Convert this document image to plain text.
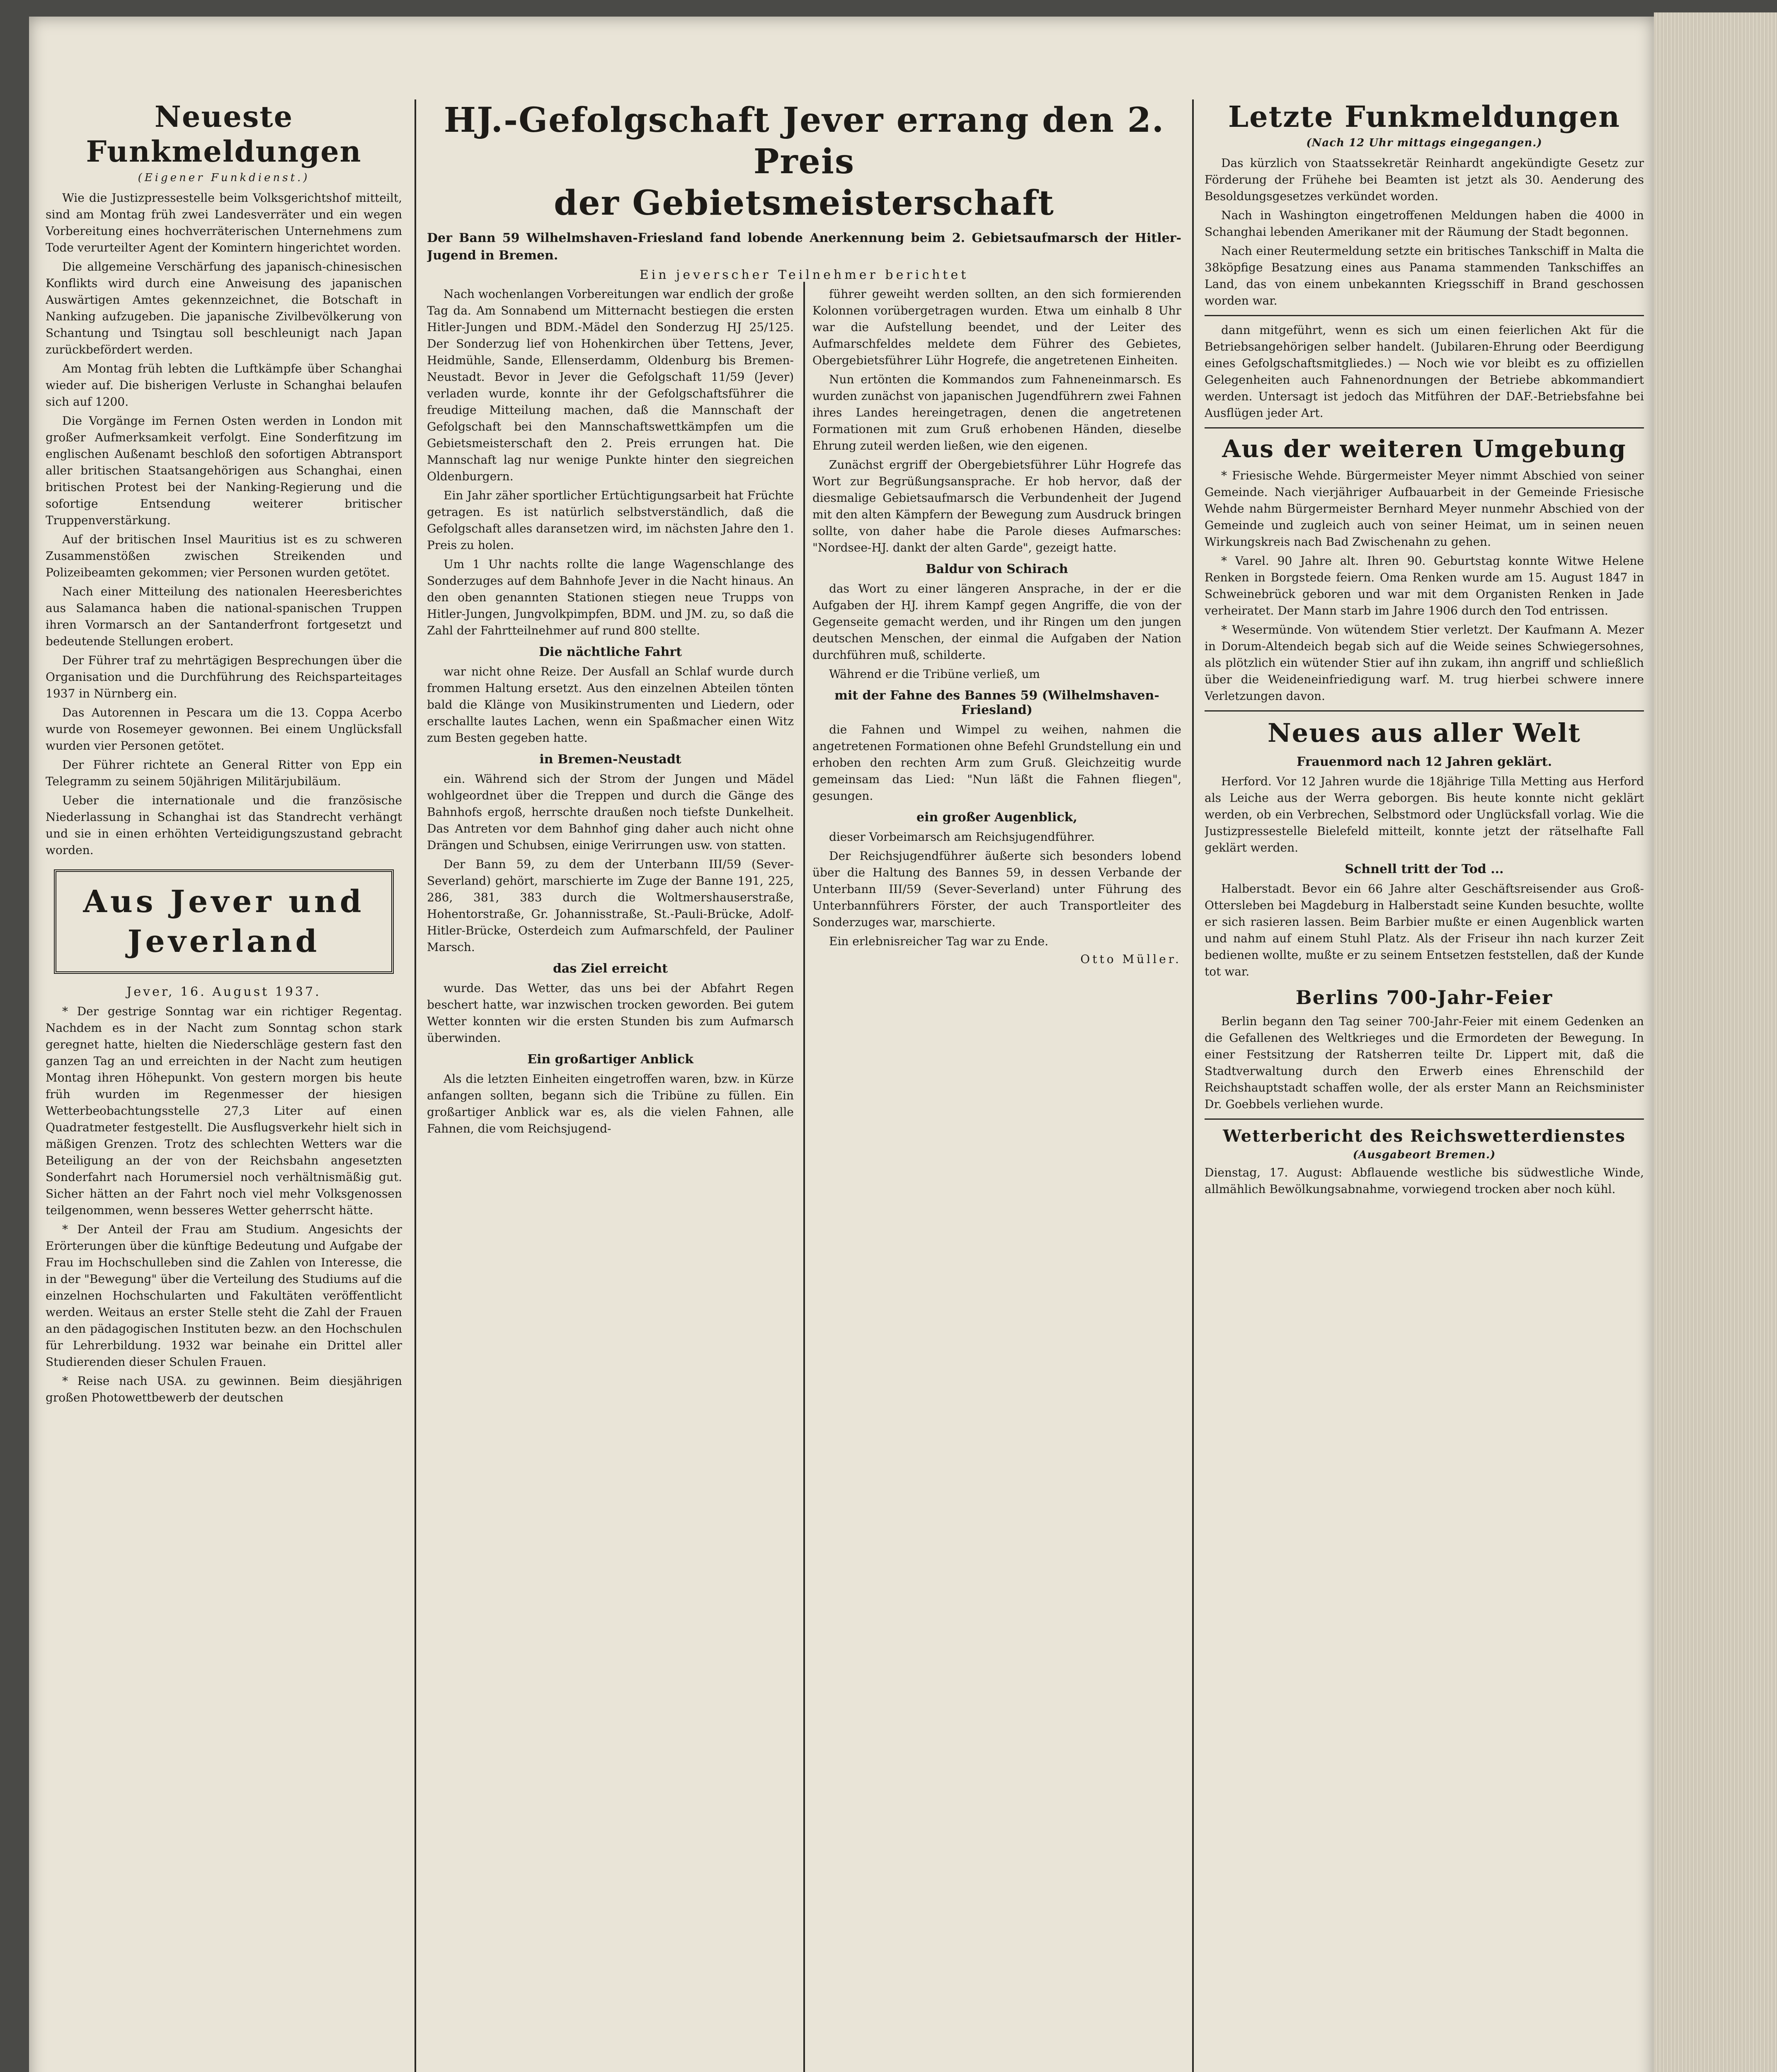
Neueste Funkmeldungen

(Eigener Funkdienst.)

Wie die Justizpressestelle beim Volksgerichtshof mitteilt, sind am Montag früh zwei Landesverräter und ein wegen Vorbereitung eines hochverräterischen Unternehmens zum Tode verurteilter Agent der Komintern hingerichtet worden.

Die allgemeine Verschärfung des japanisch-chinesischen Konflikts wird durch eine Anweisung des japanischen Auswärtigen Amtes gekennzeichnet, die Botschaft in Nanking aufzugeben. Die japanische Zivilbevölkerung von Schantung und Tsingtau soll beschleunigt nach Japan zurückbefördert werden.

Am Montag früh lebten die Luftkämpfe über Schanghai wieder auf. Die bisherigen Verluste in Schanghai belaufen sich auf 1200.

Die Vorgänge im Fernen Osten werden in London mit großer Aufmerksamkeit verfolgt. Eine Sonderfitzung im englischen Außenamt beschloß den sofortigen Abtransport aller britischen Staatsangehörigen aus Schanghai, einen britischen Protest bei der Nanking-Regierung und die sofortige Entsendung weiterer britischer Truppenverstärkung.

Auf der britischen Insel Mauritius ist es zu schweren Zusammenstößen zwischen Streikenden und Polizeibeamten gekommen; vier Personen wurden getötet.

Nach einer Mitteilung des nationalen Heeresberichtes aus Salamanca haben die national-spanischen Truppen ihren Vormarsch an der Santanderfront fortgesetzt und bedeutende Stellungen erobert.

Der Führer traf zu mehrtägigen Besprechungen über die Organisation und die Durchführung des Reichsparteitages 1937 in Nürnberg ein.

Das Autorennen in Pescara um die 13. Coppa Acerbo wurde von Rosemeyer gewonnen. Bei einem Unglücksfall wurden vier Personen getötet.

Der Führer richtete an General Ritter von Epp ein Telegramm zu seinem 50jährigen Militärjubiläum.

Ueber die internationale und die französische Niederlassung in Schanghai ist das Standrecht verhängt und sie in einen erhöhten Verteidigungszustand gebracht worden.

Aus Jever und Jeverland

Jever, 16. August 1937.

* Der gestrige Sonntag war ein richtiger Regentag. Nachdem es in der Nacht zum Sonntag schon stark geregnet hatte, hielten die Niederschläge gestern fast den ganzen Tag an und erreichten in der Nacht zum heutigen Montag ihren Höhepunkt. Von gestern morgen bis heute früh wurden im Regenmesser der hiesigen Wetterbeobachtungsstelle 27,3 Liter auf einen Quadratmeter festgestellt. Die Ausflugsverkehr hielt sich in mäßigen Grenzen. Trotz des schlechten Wetters war die Beteiligung an der von der Reichsbahn angesetzten Sonderfahrt nach Horumersiel noch verhältnismäßig gut. Sicher hätten an der Fahrt noch viel mehr Volksgenossen teilgenommen, wenn besseres Wetter geherrscht hätte.

* Der Anteil der Frau am Studium. Angesichts der Erörterungen über die künftige Bedeutung und Aufgabe der Frau im Hochschulleben sind die Zahlen von Interesse, die in der "Bewegung" über die Verteilung des Studiums auf die einzelnen Hochschularten und Fakultäten veröffentlicht werden. Weitaus an erster Stelle steht die Zahl der Frauen an den pädagogischen Instituten bezw. an den Hochschulen für Lehrerbildung. 1932 war beinahe ein Drittel aller Studierenden dieser Schulen Frauen.

* Reise nach USA. zu gewinnen. Beim diesjährigen großen Photowettbewerb der deutschen

HJ.-Gefolgschaft Jever errang den 2. Preis
der Gebietsmeisterschaft

Der Bann 59 Wilhelmshaven-Friesland fand lobende Anerkennung beim 2. Gebietsaufmarsch der Hitler-Jugend in Bremen.

Ein jeverscher Teilnehmer berichtet

Nach wochenlangen Vorbereitungen war endlich der große Tag da. Am Sonnabend um Mitternacht bestiegen die ersten Hitler-Jungen und BDM.-Mädel den Sonderzug HJ 25/125. Der Sonderzug lief von Hohenkirchen über Tettens, Jever, Heidmühle, Sande, Ellenserdamm, Oldenburg bis Bremen-Neustadt. Bevor in Jever die Gefolgschaft 11/59 (Jever) verladen wurde, konnte ihr der Gefolgschaftsführer die freudige Mitteilung machen, daß die Mannschaft der Gefolgschaft bei den Mannschaftswettkämpfen um die Gebietsmeisterschaft den 2. Preis errungen hat. Die Mannschaft lag nur wenige Punkte hinter den siegreichen Oldenburgern.

Ein Jahr zäher sportlicher Ertüchtigungsarbeit hat Früchte getragen. Es ist natürlich selbstverständlich, daß die Gefolgschaft alles daransetzen wird, im nächsten Jahre den 1. Preis zu holen.

Um 1 Uhr nachts rollte die lange Wagenschlange des Sonderzuges auf dem Bahnhofe Jever in die Nacht hinaus. An den oben genannten Stationen stiegen neue Trupps von Hitler-Jungen, Jungvolkpimpfen, BDM. und JM. zu, so daß die Zahl der Fahrtteilnehmer auf rund 800 stellte.

Die nächtliche Fahrt

war nicht ohne Reize. Der Ausfall an Schlaf wurde durch frommen Haltung ersetzt. Aus den einzelnen Abteilen tönten bald die Klänge von Musikinstrumenten und Liedern, oder erschallte lautes Lachen, wenn ein Spaßmacher einen Witz zum Besten gegeben hatte.

in Bremen-Neustadt

ein. Während sich der Strom der Jungen und Mädel wohlgeordnet über die Treppen und durch die Gänge des Bahnhofs ergoß, herrschte draußen noch tiefste Dunkelheit. Das Antreten vor dem Bahnhof ging daher auch nicht ohne Drängen und Schubsen, einige Verirrungen usw. von statten.

Der Bann 59, zu dem der Unterbann III/59 (Sever-Severland) gehört, marschierte im Zuge der Banne 191, 225, 286, 381, 383 durch die Woltmershauserstraße, Hohentorstraße, Gr. Johannisstraße, St.-Pauli-Brücke, Adolf-Hitler-Brücke, Osterdeich zum Aufmarschfeld, der Pauliner Marsch.

das Ziel erreicht

wurde. Das Wetter, das uns bei der Abfahrt Regen beschert hatte, war inzwischen trocken geworden. Bei gutem Wetter konnten wir die ersten Stunden bis zum Aufmarsch überwinden.

Ein großartiger Anblick

Als die letzten Einheiten eingetroffen waren, bzw. in Kürze anfangen sollten, begann sich die Tribüne zu füllen. Ein großartiger Anblick war es, als die vielen Fahnen, alle Fahnen, die vom Reichsjugend-

führer geweiht werden sollten, an den sich formierenden Kolonnen vorübergetragen wurden. Etwa um einhalb 8 Uhr war die Aufstellung beendet, und der Leiter des Aufmarschfeldes meldete dem Führer des Gebietes, Obergebietsführer Lühr Hogrefe, die angetretenen Einheiten.

Nun ertönten die Kommandos zum Fahneneinmarsch. Es wurden zunächst von japanischen Jugendführern zwei Fahnen ihres Landes hereingetragen, denen die angetretenen Formationen mit zum Gruß erhobenen Händen, dieselbe Ehrung zuteil werden ließen, wie den eigenen.

Zunächst ergriff der Obergebietsführer Lühr Hogrefe das Wort zur Begrüßungsansprache. Er hob hervor, daß der diesmalige Gebietsaufmarsch die Verbundenheit der Jugend mit den alten Kämpfern der Bewegung zum Ausdruck bringen sollte, von daher habe die Parole dieses Aufmarsches: "Nordsee-HJ. dankt der alten Garde", gezeigt hatte.

Baldur von Schirach

das Wort zu einer längeren Ansprache, in der er die Aufgaben der HJ. ihrem Kampf gegen Angriffe, die von der Gegenseite gemacht werden, und ihr Ringen um den jungen deutschen Menschen, der einmal die Aufgaben der Nation durchführen muß, schilderte.

Während er die Tribüne verließ, um

mit der Fahne des Bannes 59 (Wilhelmshaven-Friesland)

die Fahnen und Wimpel zu weihen, nahmen die angetretenen Formationen ohne Befehl Grundstellung ein und erhoben den rechten Arm zum Gruß. Gleichzeitig wurde gemeinsam das Lied: "Nun läßt die Fahnen fliegen", gesungen.

ein großer Augenblick,

dieser Vorbeimarsch am Reichsjugendführer.

Der Reichsjugendführer äußerte sich besonders lobend über die Haltung des Bannes 59, in dessen Verbande der Unterbann III/59 (Sever-Severland) unter Führung des Unterbannführers Förster, der auch Transportleiter des Sonderzuges war, marschierte.

Ein erlebnisreicher Tag war zu Ende.

Otto Müller.

Letzte Funkmeldungen

(Nach 12 Uhr mittags eingegangen.)

Das kürzlich von Staatssekretär Reinhardt angekündigte Gesetz zur Förderung der Frühehe bei Beamten ist jetzt als 30. Aenderung des Besoldungsgesetzes verkündet worden.

Nach in Washington eingetroffenen Meldungen haben die 4000 in Schanghai lebenden Amerikaner mit der Räumung der Stadt begonnen.

Nach einer Reutermeldung setzte ein britisches Tankschiff in Malta die 38köpfige Besatzung eines aus Panama stammenden Tankschiffes an Land, das von einem unbekannten Kriegsschiff in Brand geschossen worden war.

dann mitgeführt, wenn es sich um einen feierlichen Akt für die Betriebsangehörigen selber handelt. (Jubilaren-Ehrung oder Beerdigung eines Gefolgschaftsmitgliedes.) — Noch wie vor bleibt es zu offiziellen Gelegenheiten auch Fahnenordnungen der Betriebe abkommandiert werden. Untersagt ist jedoch das Mitführen der DAF.-Betriebsfahne bei Ausflügen jeder Art.

Aus der weiteren Umgebung

* Friesische Wehde. Bürgermeister Meyer nimmt Abschied von seiner Gemeinde. Nach vierjähriger Aufbauarbeit in der Gemeinde Friesische Wehde nahm Bürgermeister Bernhard Meyer nunmehr Abschied von der Gemeinde und zugleich auch von seiner Heimat, um in seinen neuen Wirkungskreis nach Bad Zwischenahn zu gehen.

* Varel. 90 Jahre alt. Ihren 90. Geburtstag konnte Witwe Helene Renken in Borgstede feiern. Oma Renken wurde am 15. August 1847 in Schweinebrück geboren und war mit dem Organisten Renken in Jade verheiratet. Der Mann starb im Jahre 1906 durch den Tod entrissen.

* Wesermünde. Von wütendem Stier verletzt. Der Kaufmann A. Mezer in Dorum-Altendeich begab sich auf die Weide seines Schwiegersohnes, als plötzlich ein wütender Stier auf ihn zukam, ihn angriff und schließlich über die Weideneinfriedigung warf. M. trug hierbei schwere innere Verletzungen davon.

Neues aus aller Welt

Frauenmord nach 12 Jahren geklärt.

Herford. Vor 12 Jahren wurde die 18jährige Tilla Metting aus Herford als Leiche aus der Werra geborgen. Bis heute konnte nicht geklärt werden, ob ein Verbrechen, Selbstmord oder Unglücksfall vorlag. Wie die Justizpressestelle Bielefeld mitteilt, konnte jetzt der rätselhafte Fall geklärt werden.

Schnell tritt der Tod ...

Halberstadt. Bevor ein 66 Jahre alter Geschäftsreisender aus Groß-Ottersleben bei Magdeburg in Halberstadt seine Kunden besuchte, wollte er sich rasieren lassen. Beim Barbier mußte er einen Augenblick warten und nahm auf einem Stuhl Platz. Als der Friseur ihn nach kurzer Zeit bedienen wollte, mußte er zu seinem Entsetzen feststellen, daß der Kunde tot war.

Berlins 700-Jahr-Feier

Berlin begann den Tag seiner 700-Jahr-Feier mit einem Gedenken an die Gefallenen des Weltkrieges und die Ermordeten der Bewegung. In einer Festsitzung der Ratsherren teilte Dr. Lippert mit, daß die Stadtverwaltung durch den Erwerb eines Ehrenschild der Reichshauptstadt schaffen wolle, der als erster Mann an Reichsminister Dr. Goebbels verliehen wurde.

Wetterbericht des Reichswetterdienstes

(Ausgabeort Bremen.)

Dienstag, 17. August: Abflauende westliche bis südwestliche Winde, allmählich Bewölkungsabnahme, vorwiegend trocken aber noch kühl.
